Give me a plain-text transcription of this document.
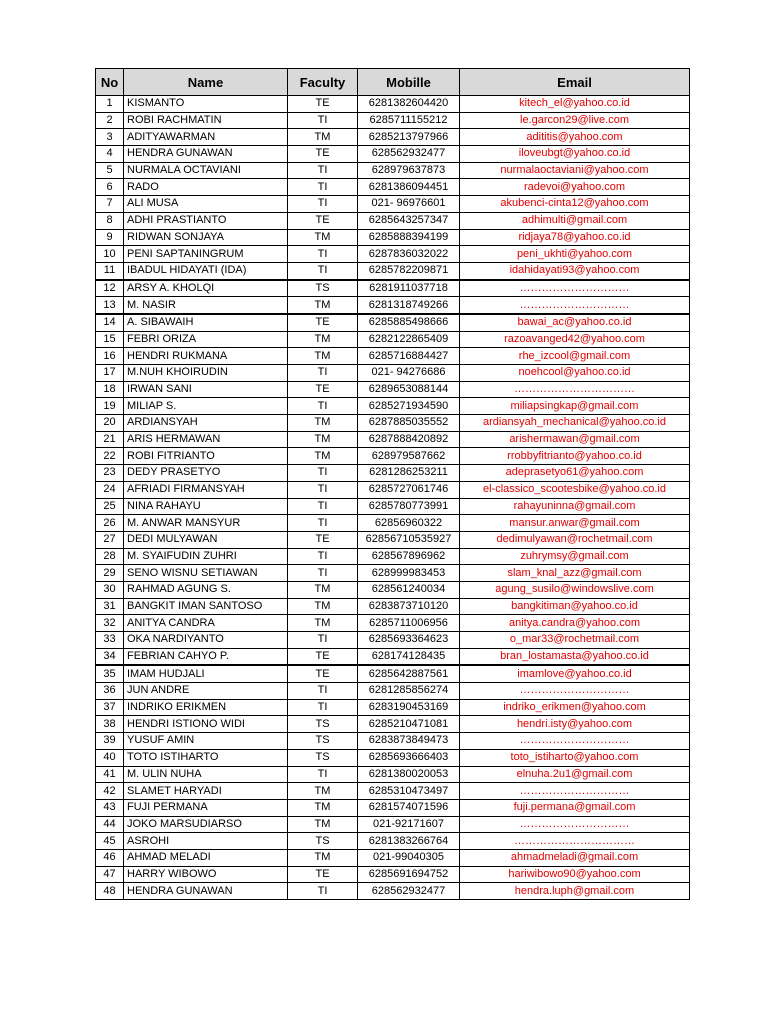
No	Name	Faculty	Mobille	Email
1	KISMANTO	TE	6281382604420	kitech_el@yahoo.co.id
2	ROBI RACHMATIN	TI	6285711155212	le.garcon29@live.com
3	ADITYAWARMAN	TM	6285213797966	adititis@yahoo.com
4	HENDRA GUNAWAN	TE	628562932477	iloveubgt@yahoo.co.id
5	NURMALA OCTAVIANI	TI	628979637873	nurmalaoctaviani@yahoo.com
6	RADO	TI	6281386094451	radevoi@yahoo.com
7	ALI MUSA	TI	021- 96976601	akubenci-cinta12@yahoo.com
8	ADHI PRASTIANTO	TE	6285643257347	adhimulti@gmail.com
9	RIDWAN SONJAYA	TM	6285888394199	ridjaya78@yahoo.co.id
10	PENI SAPTANINGRUM	TI	6287836032022	peni_ukhti@yahoo.com
11	IBADUL HIDAYATI (IDA)	TI	6285782209871	idahidayati93@yahoo.com
12	ARSY A. KHOLQI	TS	6281911037718	…………………………
13	M. NASIR	TM	6281318749266	…………………………
14	A. SIBAWAIH	TE	6285885498666	bawai_ac@yahoo.co.id
15	FEBRI ORIZA	TM	6282122865409	razoavanged42@yahoo.com
16	HENDRI RUKMANA	TM	6285716884427	rhe_izcool@gmail.com
17	M.NUH KHOIRUDIN	TI	021- 94276686	noehcool@yahoo.co.id
18	IRWAN SANI	TE	6289653088144	……………………………
19	MILIAP S.	TI	6285271934590	miliapsingkap@gmail.com
20	ARDIANSYAH	TM	6287885035552	ardiansyah_mechanical@yahoo.co.id
21	ARIS HERMAWAN	TM	6287888420892	arishermawan@gmail.com
22	ROBI FITRIANTO	TM	628979587662	rrobbyfitrianto@yahoo.co.id
23	DEDY PRASETYO	TI	6281286253211	adeprasetyo61@yahoo.com
24	AFRIADI FIRMANSYAH	TI	6285727061746	el-classico_scootesbike@yahoo.co.id
25	NINA RAHAYU	TI	6285780773991	rahayuninna@gmail.com
26	M. ANWAR MANSYUR	TI	62856960322	mansur.anwar@gmail.com
27	DEDI MULYAWAN	TE	62856710535927	dedimulyawan@rochetmail.com
28	M. SYAIFUDIN ZUHRI	TI	628567896962	zuhrymsy@gmail.com
29	SENO WISNU SETIAWAN	TI	628999983453	slam_knal_azz@gmail.com
30	RAHMAD AGUNG S.	TM	628561240034	agung_susilo@windowslive.com
31	BANGKIT IMAN SANTOSO	TM	6283873710120	bangkitiman@yahoo.co.id
32	ANITYA CANDRA	TM	6285711006956	anitya.candra@yahoo.com
33	OKA NARDIYANTO	TI	6285693364623	o_mar33@rochetmail.com
34	FEBRIAN CAHYO P.	TE	628174128435	bran_lostamasta@yahoo.co.id
35	IMAM HUDJALI	TE	6285642887561	imamlove@yahoo.co.id
36	JUN ANDRE	TI	6281285856274	…………………………
37	INDRIKO ERIKMEN	TI	6283190453169	indriko_erikmen@yahoo.com
38	HENDRI ISTIONO WIDI	TS	6285210471081	hendri.isty@yahoo.com
39	YUSUF AMIN	TS	6283873849473	…………………………
40	TOTO ISTIHARTO	TS	6285693666403	toto_istiharto@yahoo.com
41	M. ULIN NUHA	TI	6281380020053	elnuha.2u1@gmail.com
42	SLAMET HARYADI	TM	6285310473497	…………………………
43	FUJI PERMANA	TM	6281574071596	fuji.permana@gmail.com
44	JOKO MARSUDIARSO	TM	021-92171607	…………………………
45	ASROHI	TS	6281383266764	……………………………
46	AHMAD MELADI	TM	021-99040305	ahmadmeladi@gmail.com
47	HARRY WIBOWO	TE	6285691694752	hariwibowo90@yahoo.com
48	HENDRA GUNAWAN	TI	628562932477	hendra.luph@gmail.com
